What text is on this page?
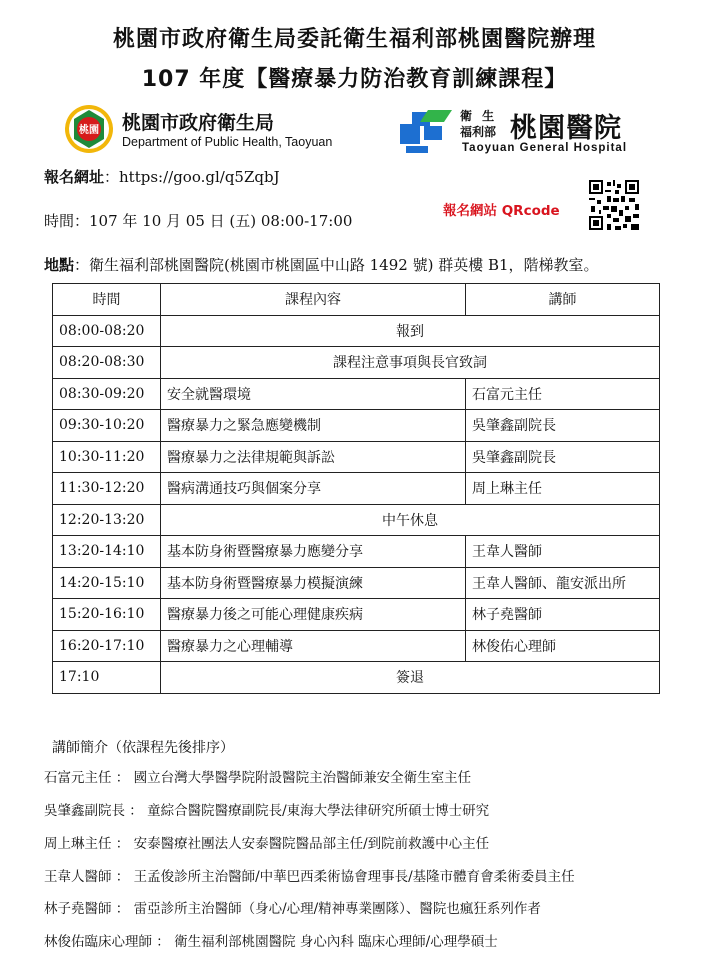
桃園市政府衛生局委託衛生福利部桃園醫院辦理
107 年度【醫療暴力防治教育訓練課程】
桃園 桃園市政府衛生局
Department of Public Health, Taoyuan
衛 生
福利部 桃園醫院
Taoyuan General Hospital
報名網址：https://goo.gl/q5ZqbJ
時間：107 年 10 月 05 日 (五) 08:00-17:00
報名網站 QRcode
地點：衛生福利部桃園醫院(桃園市桃園區中山路 1492 號) 群英樓 B1，階梯教室。
時間	課程內容	講師
08:00-08:20	報到	
08:20-08:30	課程注意事項與長官致詞	
08:30-09:20	安全就醫環境	石富元主任
09:30-10:20	醫療暴力之緊急應變機制	吳肇鑫副院長
10:30-11:20	醫療暴力之法律規範與訴訟	吳肇鑫副院長
11:30-12:20	醫病溝通技巧與個案分享	周上琳主任
12:20-13:20	中午休息	
13:20-14:10	基本防身術暨醫療暴力應變分享	王韋人醫師
14:20-15:10	基本防身術暨醫療暴力模擬演練	王韋人醫師、龍安派出所
15:20-16:10	醫療暴力後之可能心理健康疾病	林子堯醫師
16:20-17:10	醫療暴力之心理輔導	林俊佑心理師
17:10	簽退	
講師簡介（依課程先後排序）
石富元主任 ： 國立台灣大學醫學院附設醫院主治醫師兼安全衛生室主任
吳肇鑫副院長 ： 童綜合醫院醫療副院長/東海大學法律研究所碩士博士研究
周上琳主任 ： 安泰醫療社團法人安泰醫院醫品部主任/到院前救護中心主任
王韋人醫師 ： 王孟俊診所主治醫師/中華巴西柔術協會理事長/基隆市體育會柔術委員主任
林子堯醫師 ： 雷亞診所主治醫師（身心/心理/精神專業團隊）、醫院也瘋狂系列作者
林俊佑臨床心理師 ： 衛生福利部桃園醫院 身心內科 臨床心理師/心理學碩士
